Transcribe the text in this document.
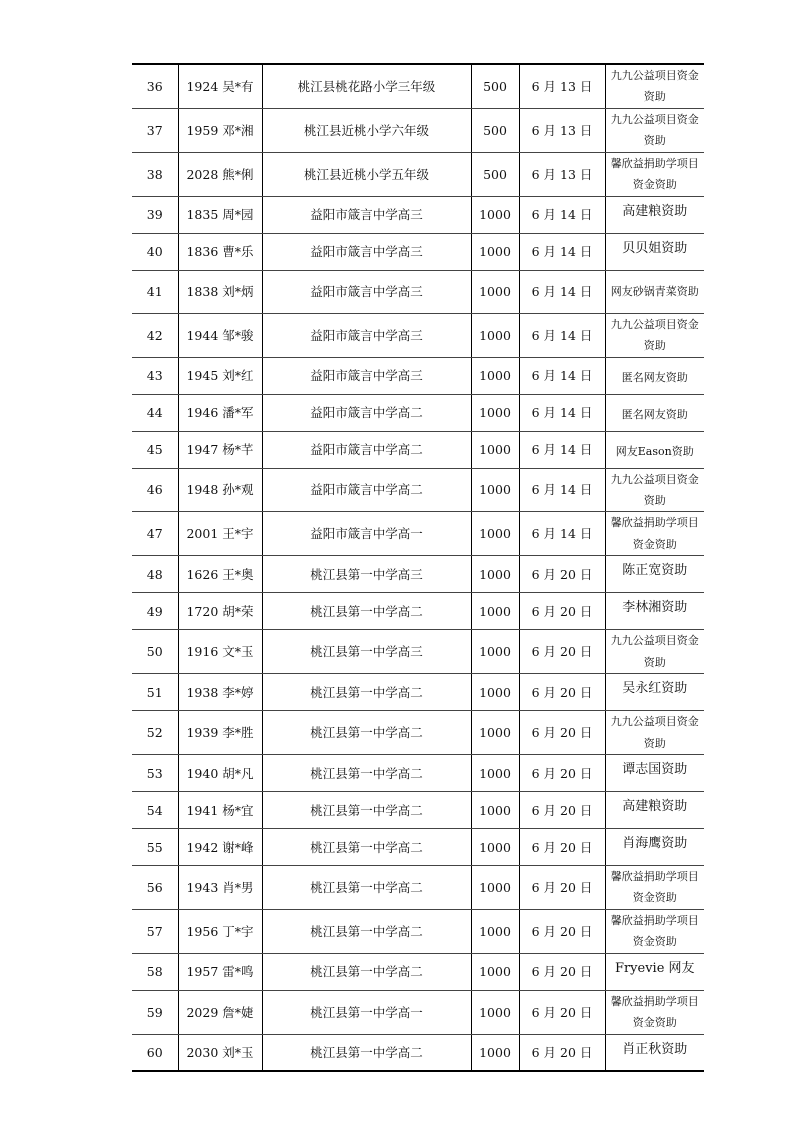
36	1924 吴*有	桃江县桃花路小学三年级	500	6 月 13 日	九九公益项目资金资助
37	1959 邓*湘	桃江县近桃小学六年级	500	6 月 13 日	九九公益项目资金资助
38	2028 熊*俐	桃江县近桃小学五年级	500	6 月 13 日	馨欣益捐助学项目资金资助
39	1835 周*园	益阳市箴言中学高三	1000	6 月 14 日	高建粮资助
40	1836 曹*乐	益阳市箴言中学高三	1000	6 月 14 日	贝贝姐资助
41	1838 刘*炳	益阳市箴言中学高三	1000	6 月 14 日	网友砂锅青菜资助
42	1944 邹*骏	益阳市箴言中学高三	1000	6 月 14 日	九九公益项目资金资助
43	1945 刘*红	益阳市箴言中学高三	1000	6 月 14 日	匿名网友资助
44	1946 潘*军	益阳市箴言中学高二	1000	6 月 14 日	匿名网友资助
45	1947 杨*芊	益阳市箴言中学高二	1000	6 月 14 日	网友Eason资助
46	1948 孙*观	益阳市箴言中学高二	1000	6 月 14 日	九九公益项目资金资助
47	2001 王*宇	益阳市箴言中学高一	1000	6 月 14 日	馨欣益捐助学项目资金资助
48	1626 王*奥	桃江县第一中学高三	1000	6 月 20 日	陈正宽资助
49	1720 胡*荣	桃江县第一中学高二	1000	6 月 20 日	李林湘资助
50	1916 文*玉	桃江县第一中学高三	1000	6 月 20 日	九九公益项目资金资助
51	1938 李*婷	桃江县第一中学高二	1000	6 月 20 日	吴永红资助
52	1939 李*胜	桃江县第一中学高二	1000	6 月 20 日	九九公益项目资金资助
53	1940 胡*凡	桃江县第一中学高二	1000	6 月 20 日	谭志国资助
54	1941 杨*宜	桃江县第一中学高二	1000	6 月 20 日	高建粮资助
55	1942 谢*峰	桃江县第一中学高二	1000	6 月 20 日	肖海鹰资助
56	1943 肖*男	桃江县第一中学高二	1000	6 月 20 日	馨欣益捐助学项目资金资助
57	1956 丁*宇	桃江县第一中学高二	1000	6 月 20 日	馨欣益捐助学项目资金资助
58	1957 雷*鸣	桃江县第一中学高二	1000	6 月 20 日	Fryevie 网友
59	2029 詹*婕	桃江县第一中学高一	1000	6 月 20 日	馨欣益捐助学项目资金资助
60	2030 刘*玉	桃江县第一中学高二	1000	6 月 20 日	肖正秋资助
